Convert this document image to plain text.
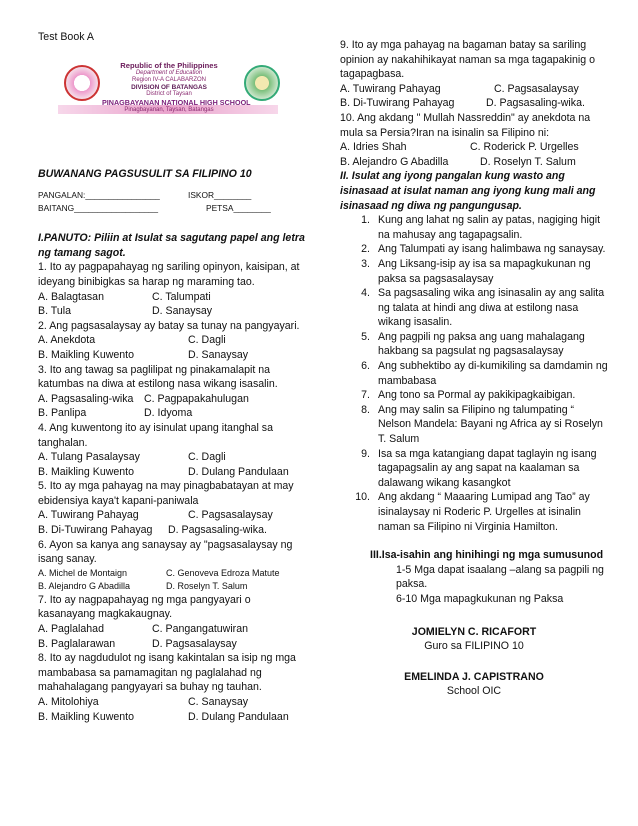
Test Book A

Republic of the Philippines
Department of Education
Region IV-A CALABARZON
DIVISION OF BATANGAS
District of Taysan
PINAGBAYANAN NATIONAL HIGH SCHOOL
Pinagbayanan, Taysan, Batangas

BUWANANG PAGSUSULIT SA FILIPINO 10

PANGALAN:________________	ISKOR________
BAITANG__________________	PETSA________

I.PANUTO: Piliin at Isulat sa sagutang papel ang letra ng tamang sagot.

1. Ito ay pagpapahayag ng sariling opinyon, kaisipan, at ideyang binibigkas sa harap ng maraming tao.

A. Balagtasan	C. Talumpati
B. Tula	D. Sanaysay

2. Ang pagsasalaysay ay batay sa tunay na pangyayari.

A. Anekdota	C. Dagli
B. Maikling Kuwento	D. Sanaysay

3. Ito ang tawag sa paglilipat ng pinakamalapit na katumbas na diwa at estilong nasa wikang isasalin.

A. Pagsasaling-wika	C. Pagpapakahulugan
B. Panlipa	D. Idyoma

4. Ang kuwentong ito ay isinulat upang itanghal sa tanghalan.

A. Tulang Pasalaysay	C. Dagli
B. Maikling Kuwento	D. Dulang Pandulaan

5. Ito ay mga pahayag na may pinagbabatayan at may ebidensiya kaya't kapani-paniwala

A. Tuwirang Pahayag	C. Pagsasalaysay
B. Di-Tuwirang Pahayag	D. Pagsasaling-wika.

6. Ayon sa kanya ang sanaysay ay "pagsasalaysay ng isang sanay.

A. Michel de Montaign	C. Genoveva Edroza Matute
B. Alejandro G Abadilla	D. Roselyn T. Salum

7. Ito ay nagpapahayag ng mga pangyayari o kasanayang magkakaugnay.

A. Paglalahad	C. Pangangatuwiran
B. Paglalarawan	D. Pagsasalaysay

8. Ito ay nagdudulot ng isang kakintalan sa isip ng mga mambabasa sa pamamagitan ng paglalahad ng mahahalagang pangyayari sa buhay ng tauhan.

A. Mitolohiya	C. Sanaysay
B. Maikling Kuwento	D. Dulang Pandulaan

9. Ito ay mga pahayag na bagaman batay sa sariling opinion ay nakahihikayat naman sa mga tagapakinig o tagapagbasa.

A. Tuwirang Pahayag	C. Pagsasalaysay
B. Di-Tuwirang Pahayag	D. Pagsasaling-wika.

10. Ang akdang " Mullah Nassreddin" ay anekdota na mula sa Persia?Iran na isinalin sa Filipino ni:

A. Idries Shah	C. Roderick P. Urgelles
B. Alejandro G Abadilla	D. Roselyn T. Salum

II. Isulat ang iyong pangalan kung wasto ang isinasaad at isulat naman ang iyong kung mali ang isinasaad ng diwa ng pangungusap.

1. Kung ang lahat ng salin ay patas, nagiging higit na mahusay ang tagapagsalin.
2. Ang Talumpati ay isang halimbawa ng sanaysay.
3. Ang Liksang-isip ay isa sa mapagkukunan ng paksa sa pagsasalaysay
4. Sa pagsasaling wika ang isinasalin ay ang salita ng talata at hindi ang diwa at estilong nasa wikang isasalin.
5. Ang pagpili ng paksa ang uang mahalagang hakbang sa pagsulat ng pagsasalaysay
6. Ang subhektibo ay di-kumikiling sa damdamin ng mambabasa
7. Ang tono sa Pormal ay pakikipagkaibigan.
8. Ang may salin sa Filipino ng talumpating “ Nelson Mandela: Bayani ng Africa ay si Roselyn T. Salum
9. Isa sa mga katangiang dapat taglayin ng isang tagapagsalin ay ang sapat na kaalaman sa dalawang wikang kasangkot
10. Ang akdang “ Maaaring Lumipad ang Tao” ay isinalaysay ni Roderic P. Urgelles at isinalin naman sa Filipino ni Virginia Hamilton.

III.Isa-isahin ang hinihingi ng mga sumusunod

1-5 Mga dapat isaalang –alang sa pagpili ng paksa.

6-10 Mga mapagkukunan ng Paksa

JOMIELYN C. RICAFORT
Guro sa FILIPINO 10
EMELINDA J. CAPISTRANO
School OIC
